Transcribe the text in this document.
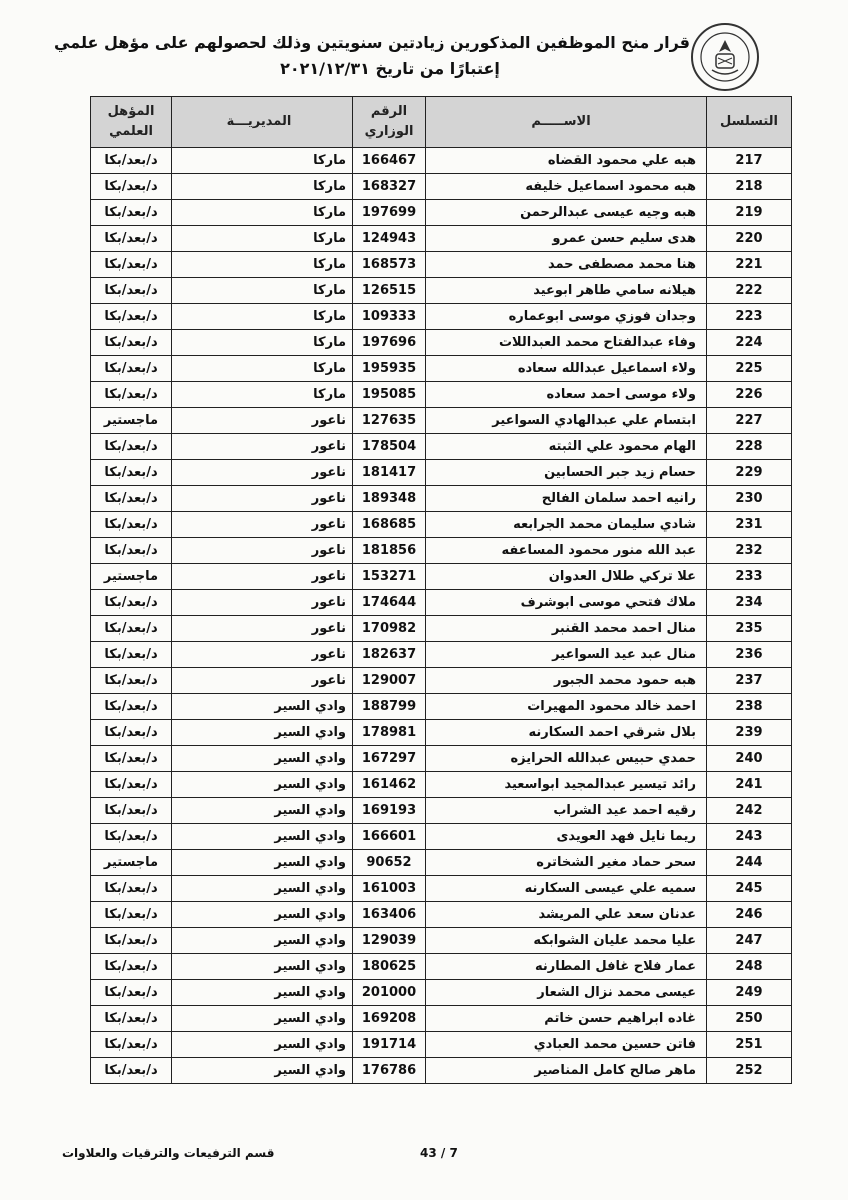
قرار منح الموظفين المذكورين زيادتين سنويتين وذلك لحصولهم على مؤهل علمي
إعتبارًا من تاريخ ٢٠٢١/١٢/٣١
التسلسل	الاســـــم	الرقم الوزاري	المديريـــة	المؤهل العلمي
217	هبه علي محمود القضاه	166467	ماركا	د/بعد/بكا
218	هبه محمود اسماعيل خليفه	168327	ماركا	د/بعد/بكا
219	هبه وجيه عيسى عبدالرحمن	197699	ماركا	د/بعد/بكا
220	هدى سليم حسن عمرو	124943	ماركا	د/بعد/بكا
221	هنا محمد مصطفى حمد	168573	ماركا	د/بعد/بكا
222	هيلانه سامي طاهر ابوعيد	126515	ماركا	د/بعد/بكا
223	وجدان فوزي موسى ابوعماره	109333	ماركا	د/بعد/بكا
224	وفاء عبدالفتاح محمد العبداللات	197696	ماركا	د/بعد/بكا
225	ولاء اسماعيل عبدالله سعاده	195935	ماركا	د/بعد/بكا
226	ولاء موسى احمد سعاده	195085	ماركا	د/بعد/بكا
227	ابتسام علي عبدالهادي السواعير	127635	ناعور	ماجستير
228	الهام محمود علي الثبته	178504	ناعور	د/بعد/بكا
229	حسام زيد جبر الحسابين	181417	ناعور	د/بعد/بكا
230	رانيه احمد سلمان الفالح	189348	ناعور	د/بعد/بكا
231	شادي سليمان محمد الجرابعه	168685	ناعور	د/بعد/بكا
232	عبد الله منور محمود المساعفه	181856	ناعور	د/بعد/بكا
233	علا تركي طلال العدوان	153271	ناعور	ماجستير
234	ملاك فتحي موسى ابوشرف	174644	ناعور	د/بعد/بكا
235	منال احمد محمد القنبر	170982	ناعور	د/بعد/بكا
236	منال عبد عيد السواعير	182637	ناعور	د/بعد/بكا
237	هبه حمود محمد الجبور	129007	ناعور	د/بعد/بكا
238	احمد خالد محمود المهيرات	188799	وادي السير	د/بعد/بكا
239	بلال شرقي احمد السكارنه	178981	وادي السير	د/بعد/بكا
240	حمدي حبيس عبدالله الحرايزه	167297	وادي السير	د/بعد/بكا
241	رائد تيسير عبدالمجيد ابواسعيد	161462	وادي السير	د/بعد/بكا
242	رقيه احمد عيد الشراب	169193	وادي السير	د/بعد/بكا
243	ريما نايل فهد العويدى	166601	وادي السير	د/بعد/بكا
244	سحر حماد مغير الشخاتره	90652	وادي السير	ماجستير
245	سميه علي عيسى السكارنه	161003	وادي السير	د/بعد/بكا
246	عدنان سعد علي المريشد	163406	وادي السير	د/بعد/بكا
247	عليا محمد عليان الشوابكه	129039	وادي السير	د/بعد/بكا
248	عمار فلاح غافل المطارنه	180625	وادي السير	د/بعد/بكا
249	عيسى محمد نزال الشعار	201000	وادي السير	د/بعد/بكا
250	غاده ابراهيم حسن خاتم	169208	وادي السير	د/بعد/بكا
251	فاتن حسين محمد العبادي	191714	وادي السير	د/بعد/بكا
252	ماهر صالح كامل المناصير	176786	وادي السير	د/بعد/بكا
قسم الترفيعات والترقيات والعلاوات	43 / 7
